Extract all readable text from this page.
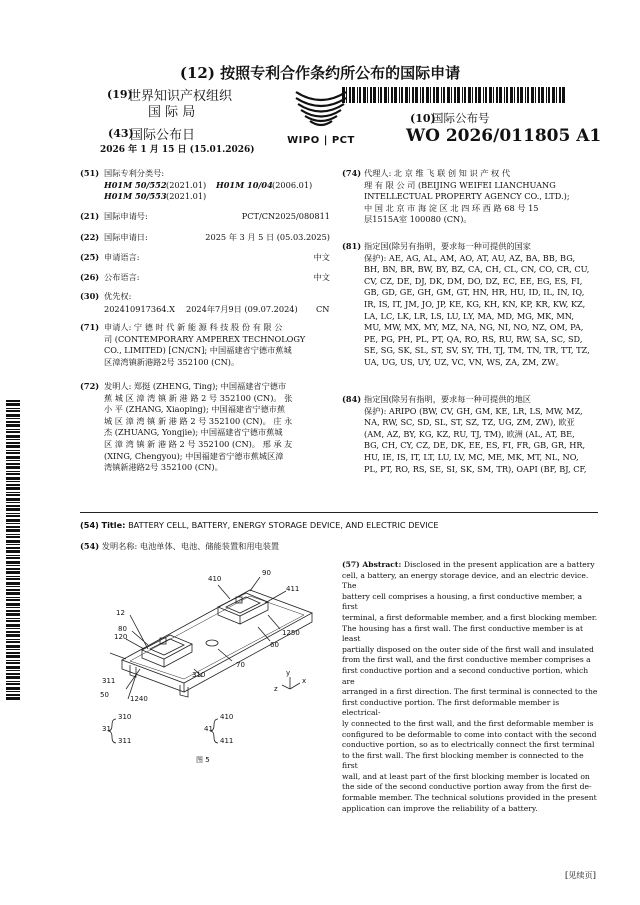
(12) 按照专利合作条约所公布的国际申请
(19)
世界知识产权组织
国 际 局
(43)
国际公布日
2026 年 1 月 15 日 (15.01.2026)
WIPO | PCT
(10)
国际公布号
WO 2026/011805 A1
(51) 国际专利分类号:
H01M 50/552 (2021.01) H01M 10/04 (2006.01)
H01M 50/553 (2021.01)
(21) 国际申请号:	PCT/CN2025/080811
(22) 国际申请日:	2025 年 3 月 5 日 (05.03.2025)
(25) 申请语言:	中文
(26) 公布语言:	中文
(30) 优先权:
202410917364.X 2024年7月9日 (09.07.2024) CN
(71) 申请人: 宁 德 时 代 新 能 源 科 技 股 份 有 限 公
司 (CONTEMPORARY AMPEREX TECHNOLOGY
CO., LIMITED) [CN/CN]; 中国福建省宁德市蕉城
区漳湾镇新港路2号 352100 (CN)。
(72) 发明人: 郑挺 (ZHENG, Ting); 中国福建省宁德市
蕉 城 区 漳 湾 镇 新 港 路 2 号 352100 (CN)。 张
小 平 (ZHANG, Xiaoping); 中国福建省宁德市蕉
城 区 漳 湾 镇 新 港 路 2 号 352100 (CN)。 庄 永
杰 (ZHUANG, Yongjie); 中国福建省宁德市蕉城
区 漳 湾 镇 新 港 路 2 号 352100 (CN)。 邢 承 友
(XING, Chengyou); 中国福建省宁德市蕉城区漳
湾镇新港路2号 352100 (CN)。
(74) 代理人: 北 京 维 飞 联 创 知 识 产 权 代
理 有 限 公 司 (BEIJING WEIFEI LIANCHUANG
INTELLECTUAL PROPERTY AGENCY CO., LTD.);
中 国 北 京 市 海 淀 区 北 四 环 西 路 68 号 15
层1515A室 100080 (CN)。
(81) 指定国(除另有指明，要求每一种可提供的国家
保护): AE, AG, AL, AM, AO, AT, AU, AZ, BA, BB, BG,
BH, BN, BR, BW, BY, BZ, CA, CH, CL, CN, CO, CR, CU,
CV, CZ, DE, DJ, DK, DM, DO, DZ, EC, EE, EG, ES, FI,
GB, GD, GE, GH, GM, GT, HN, HR, HU, ID, IL, IN, IQ,
IR, IS, IT, JM, JO, JP, KE, KG, KH, KN, KP, KR, KW, KZ,
LA, LC, LK, LR, LS, LU, LY, MA, MD, MG, MK, MN,
MU, MW, MX, MY, MZ, NA, NG, NI, NO, NZ, OM, PA,
PE, PG, PH, PL, PT, QA, RO, RS, RU, RW, SA, SC, SD,
SE, SG, SK, SL, ST, SV, SY, TH, TJ, TM, TN, TR, TT, TZ,
UA, UG, US, UY, UZ, VC, VN, WS, ZA, ZM, ZW。
(84) 指定国(除另有指明，要求每一种可提供的地区
保护): ARIPO (BW, CV, GH, GM, KE, LR, LS, MW, MZ,
NA, RW, SC, SD, SL, ST, SZ, TZ, UG, ZM, ZW), 欧亚
(AM, AZ, BY, KG, KZ, RU, TJ, TM), 欧洲 (AL, AT, BE,
BG, CH, CY, CZ, DE, DK, EE, ES, FI, FR, GB, GR, HR,
HU, IE, IS, IT, LT, LU, LV, MC, ME, MK, MT, NL, NO,
PL, PT, RO, RS, SE, SI, SK, SM, TR), OAPI (BF, BJ, CF,
(54) Title: BATTERY CELL, BATTERY, ENERGY STORAGE DEVICE, AND ELECTRIC DEVICE
(54) 发明名称: 电池单体、电池、储能装置和用电装置
(57) Abstract: Disclosed in the present application are a battery
cell, a battery, an energy storage device, and an electric device. The
battery cell comprises a housing, a first conductive member, a first
terminal, a first deformable member, and a first blocking member.
The housing has a first wall. The first conductive member is at least
partially disposed on the outer side of the first wall and insulated
from the first wall, and the first conductive member comprises a
first conductive portion and a second conductive portion, which are
arranged in a first direction. The first terminal is connected to the
first conductive portion. The first deformable member is electrical-
ly connected to the first wall, and the first deformable member is
configured to be deformable to come into contact with the second
conductive portion, so as to electrically connect the first terminal
to the first wall. The first blocking member is connected to the first
wall, and at least part of the first blocking member is located on
the side of the second conductive portion away from the first de-
formable member. The technical solutions provided in the present
application can improve the reliability of a battery.
410
90
411
12
80	1250
60
120
70
311
310
50	1240
31
310
311
41
410
411
x
y
z
图 5
[见续页]
